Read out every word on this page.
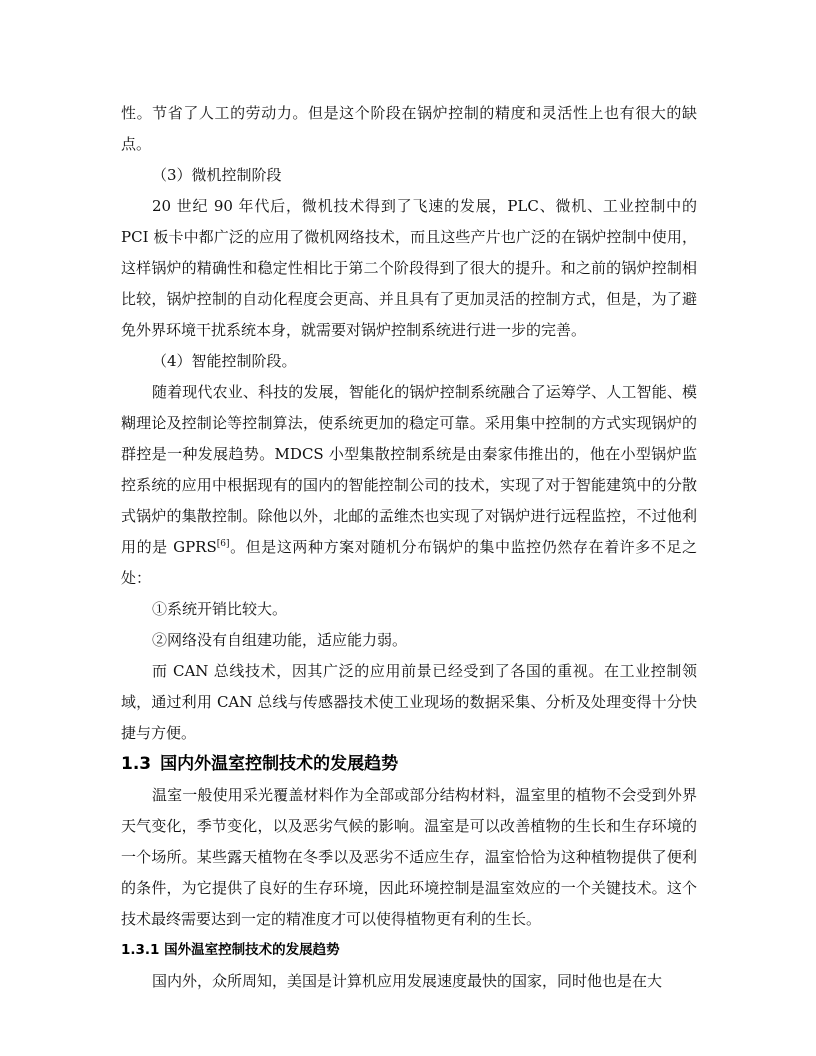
性。节省了人工的劳动力。但是这个阶段在锅炉控制的精度和灵活性上也有很大的缺点。

（3）微机控制阶段

20 世纪 90 年代后，微机技术得到了飞速的发展，PLC、微机、工业控制中的 PCI 板卡中都广泛的应用了微机网络技术，而且这些产片也广泛的在锅炉控制中使用，这样锅炉的精确性和稳定性相比于第二个阶段得到了很大的提升。和之前的锅炉控制相比较，锅炉控制的自动化程度会更高、并且具有了更加灵活的控制方式，但是，为了避免外界环境干扰系统本身，就需要对锅炉控制系统进行进一步的完善。

（4）智能控制阶段。

随着现代农业、科技的发展，智能化的锅炉控制系统融合了运筹学、人工智能、模糊理论及控制论等控制算法，使系统更加的稳定可靠。采用集中控制的方式实现锅炉的群控是一种发展趋势。MDCS 小型集散控制系统是由秦家伟推出的，他在小型锅炉监控系统的应用中根据现有的国内的智能控制公司的技术，实现了对于智能建筑中的分散式锅炉的集散控制。除他以外，北邮的孟维杰也实现了对锅炉进行远程监控，不过他利用的是 GPRS[6]。但是这两种方案对随机分布锅炉的集中监控仍然存在着许多不足之处：

①系统开销比较大。

②网络没有自组建功能，适应能力弱。

而 CAN 总线技术，因其广泛的应用前景已经受到了各国的重视。在工业控制领域，通过利用 CAN 总线与传感器技术使工业现场的数据采集、分析及处理变得十分快捷与方便。

1.3 国内外温室控制技术的发展趋势

温室一般使用采光覆盖材料作为全部或部分结构材料，温室里的植物不会受到外界天气变化，季节变化，以及恶劣气候的影响。温室是可以改善植物的生长和生存环境的一个场所。某些露天植物在冬季以及恶劣不适应生存，温室恰恰为这种植物提供了便利的条件，为它提供了良好的生存环境，因此环境控制是温室效应的一个关键技术。这个技术最终需要达到一定的精准度才可以使得植物更有利的生长。

1.3.1 国外温室控制技术的发展趋势

国内外，众所周知，美国是计算机应用发展速度最快的国家，同时他也是在大
